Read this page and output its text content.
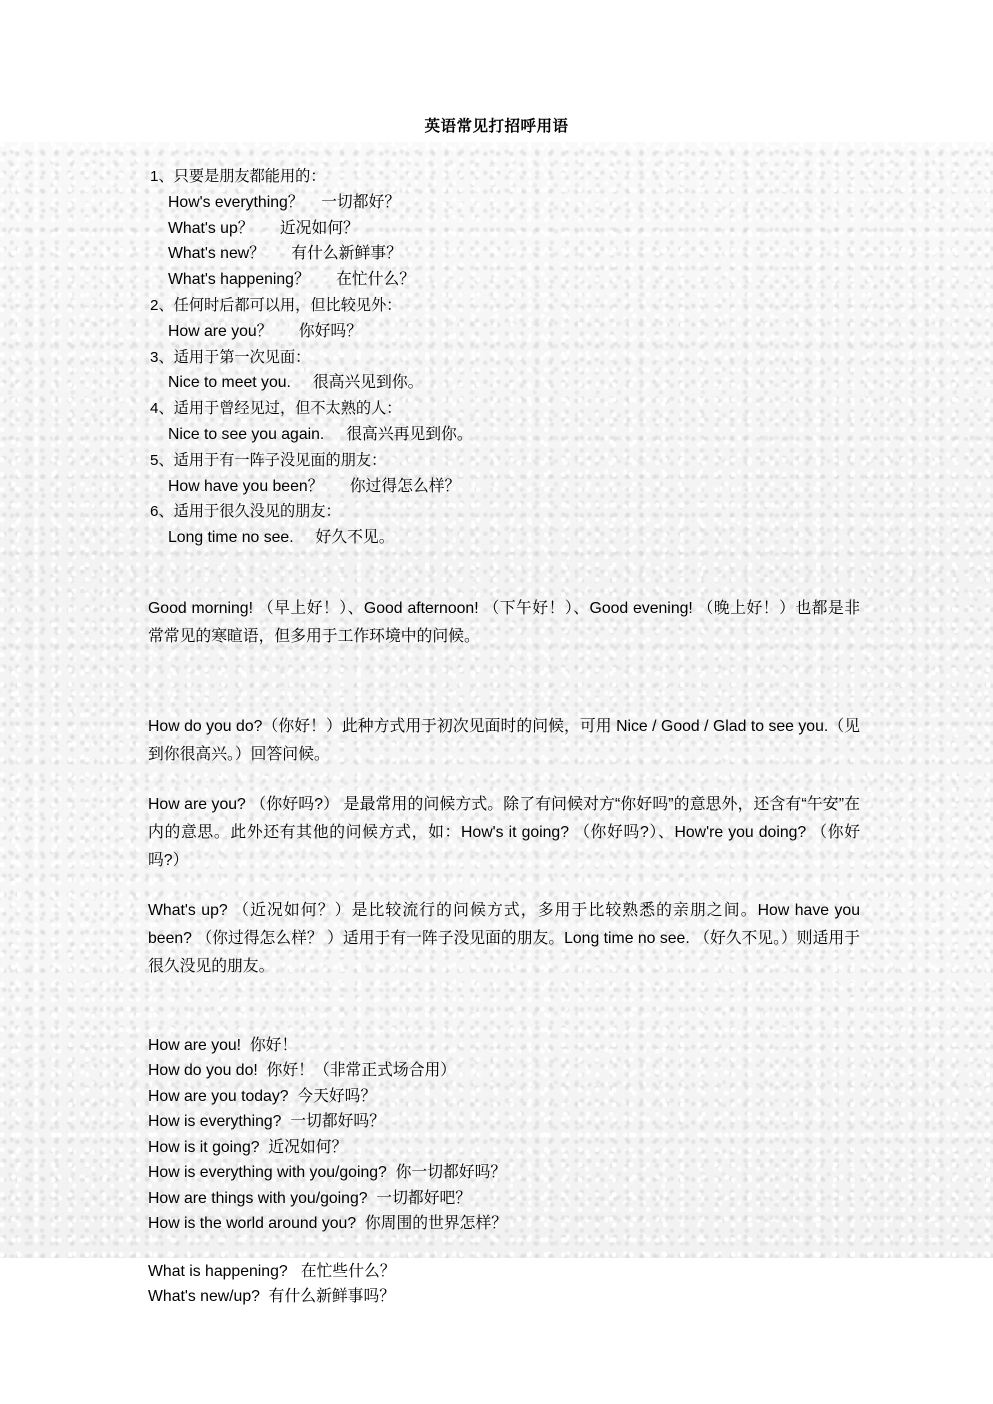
英语常见打招呼用语
1、只要是朋友都能用的：
How's everything？    一切都好？
What's up？      近况如何？
What's new？      有什么新鲜事？
What's happening？      在忙什么？
2、任何时后都可以用，但比较见外：
How are you？      你好吗？
3、适用于第一次见面：
Nice to meet you.     很高兴见到你。
4、适用于曾经见过，但不太熟的人：
Nice to see you again.     很高兴再见到你。
5、适用于有一阵子没见面的朋友：
How have you been？      你过得怎么样？
6、适用于很久没见的朋友：
Long time no see.     好久不见。
Good morning! （早上好！）、Good afternoon! （下午好！）、Good evening! （晚上好！）也都是非常常见的寒暄语，但多用于工作环境中的问候。
How do you do?（你好！）此种方式用于初次见面时的问候，可用 Nice / Good / Glad to see you.（见到你很高兴。）回答问候。
How are you? （你好吗?） 是最常用的问候方式。除了有问候对方“你好吗”的意思外，还含有“午安”在内的意思。此外还有其他的问候方式，如：How's it going? （你好吗?）、How're you doing? （你好吗?）
What's up? （近况如何？）是比较流行的问候方式，多用于比较熟悉的亲朋之间。How have you been? （你过得怎么样？ ）适用于有一阵子没见面的朋友。Long time no see. （好久不见。）则适用于很久没见的朋友。
How are you!  你好！
How do you do!  你好！（非常正式场合用）
How are you today?  今天好吗？
How is everything?  一切都好吗？
How is it going?  近况如何？
How is everything with you/going?  你一切都好吗？
How are things with you/going?  一切都好吧？
How is the world around you?  你周围的世界怎样？
What is happening?   在忙些什么？
What's new/up?  有什么新鲜事吗？
